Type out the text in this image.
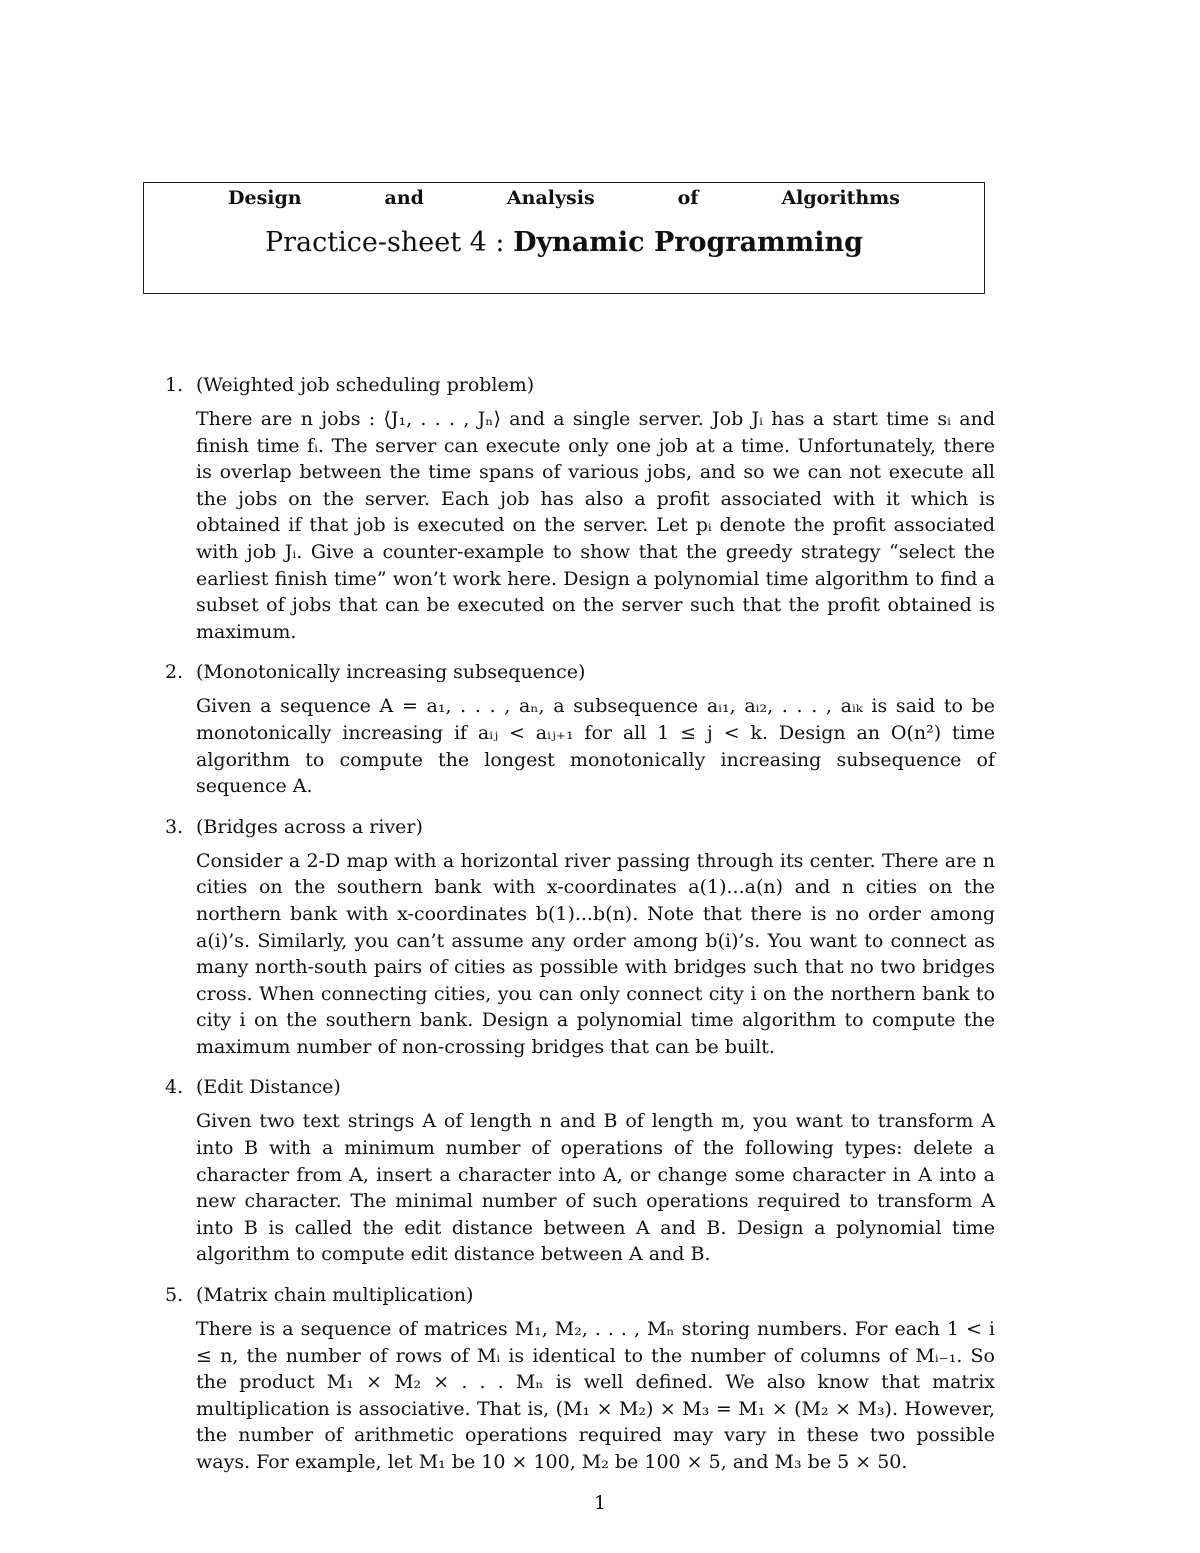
Design	and	Analysis	of	Algorithms
Practice-sheet 4 : Dynamic Programming
1. (Weighted job scheduling problem)
There are n jobs : ⟨J₁, . . . , Jₙ⟩ and a single server. Job Jᵢ has a start time sᵢ and finish time fᵢ. The server can execute only one job at a time. Unfortunately, there is overlap between the time spans of various jobs, and so we can not execute all the jobs on the server. Each job has also a profit associated with it which is obtained if that job is executed on the server. Let pᵢ denote the profit associated with job Jᵢ. Give a counter-example to show that the greedy strategy “select the earliest finish time” won’t work here. Design a polynomial time algorithm to find a subset of jobs that can be executed on the server such that the profit obtained is maximum.
2. (Monotonically increasing subsequence)
Given a sequence A = a₁, . . . , aₙ, a subsequence aᵢ₁, aᵢ₂, . . . , aᵢₖ is said to be monotonically increasing if aᵢⱼ < aᵢⱼ₊₁ for all 1 ≤ j < k. Design an O(n²) time algorithm to compute the longest monotonically increasing subsequence of sequence A.
3. (Bridges across a river)
Consider a 2-D map with a horizontal river passing through its center. There are n cities on the southern bank with x-coordinates a(1)...a(n) and n cities on the northern bank with x-coordinates b(1)...b(n). Note that there is no order among a(i)’s. Similarly, you can’t assume any order among b(i)’s. You want to connect as many north-south pairs of cities as possible with bridges such that no two bridges cross. When connecting cities, you can only connect city i on the northern bank to city i on the southern bank. Design a polynomial time algorithm to compute the maximum number of non-crossing bridges that can be built.
4. (Edit Distance)
Given two text strings A of length n and B of length m, you want to transform A into B with a minimum number of operations of the following types: delete a character from A, insert a character into A, or change some character in A into a new character. The minimal number of such operations required to transform A into B is called the edit distance between A and B. Design a polynomial time algorithm to compute edit distance between A and B.
5. (Matrix chain multiplication)
There is a sequence of matrices M₁, M₂, . . . , Mₙ storing numbers. For each 1 < i ≤ n, the number of rows of Mᵢ is identical to the number of columns of Mᵢ₋₁. So the product M₁ × M₂ × . . . Mₙ is well defined. We also know that matrix multiplication is associative. That is, (M₁ × M₂) × M₃ = M₁ × (M₂ × M₃). However, the number of arithmetic operations required may vary in these two possible ways. For example, let M₁ be 10 × 100, M₂ be 100 × 5, and M₃ be 5 × 50.
1
